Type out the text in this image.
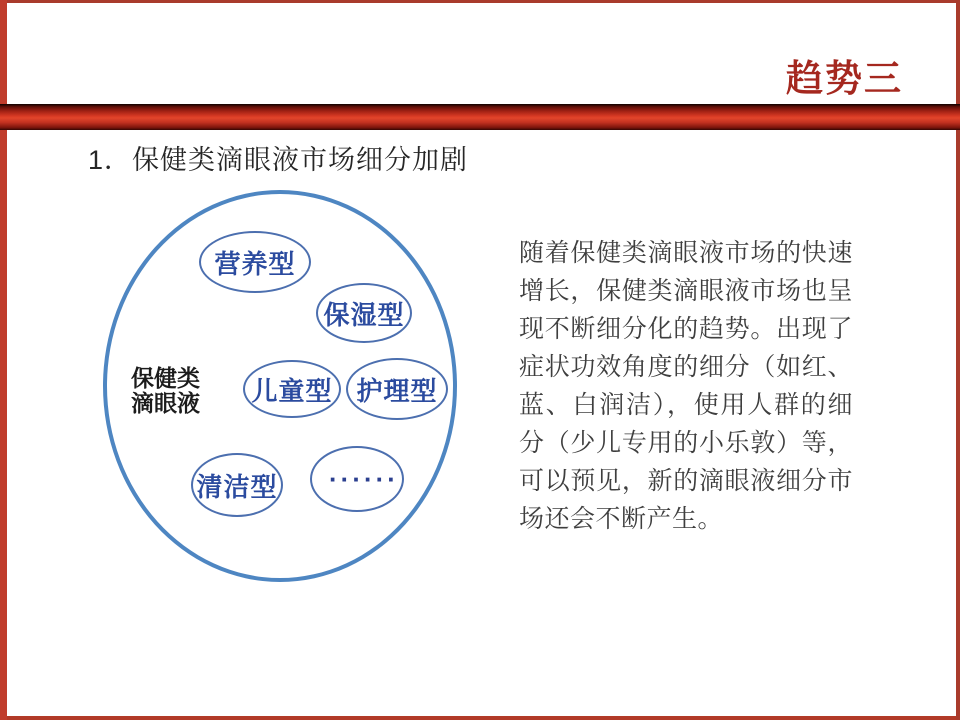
趋势三
1．保健类滴眼液市场细分加剧
营养型
保湿型
儿童型 护理型
清洁型 ······
保健类
滴眼液
随着保健类滴眼液市场的快速增长，保健类滴眼液市场也呈现不断细分化的趋势。出现了症状功效角度的细分（如红、蓝、白润洁），使用人群的细分（少儿专用的小乐敦）等，可以预见，新的滴眼液细分市场还会不断产生。
